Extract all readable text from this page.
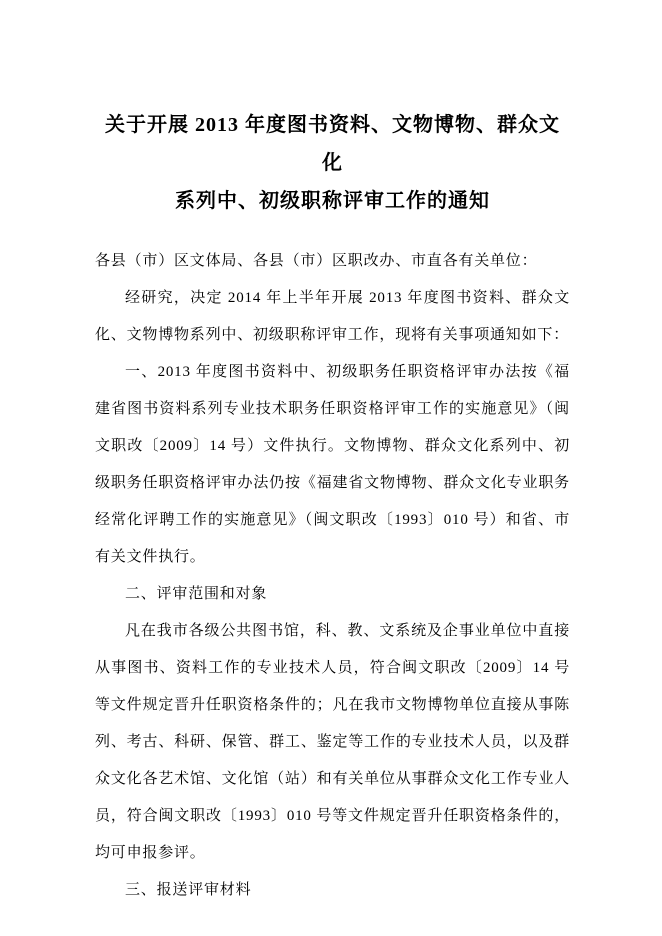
关于开展 2013 年度图书资料、文物博物、群众文化
系列中、初级职称评审工作的通知

各县（市）区文体局、各县（市）区职改办、市直各有关单位：

经研究，决定 2014 年上半年开展 2013 年度图书资料、群众文化、文物博物系列中、初级职称评审工作，现将有关事项通知如下：

一、2013 年度图书资料中、初级职务任职资格评审办法按《福建省图书资料系列专业技术职务任职资格评审工作的实施意见》（闽文职改〔2009〕14 号）文件执行。文物博物、群众文化系列中、初级职务任职资格评审办法仍按《福建省文物博物、群众文化专业职务经常化评聘工作的实施意见》（闽文职改〔1993〕010 号）和省、市有关文件执行。

二、评审范围和对象

凡在我市各级公共图书馆，科、教、文系统及企事业单位中直接从事图书、资料工作的专业技术人员，符合闽文职改〔2009〕14 号等文件规定晋升任职资格条件的；凡在我市文物博物单位直接从事陈列、考古、科研、保管、群工、鉴定等工作的专业技术人员，以及群众文化各艺术馆、文化馆（站）和有关单位从事群众文化工作专业人员，符合闽文职改〔1993〕010 号等文件规定晋升任职资格条件的，均可申报参评。

三、报送评审材料
